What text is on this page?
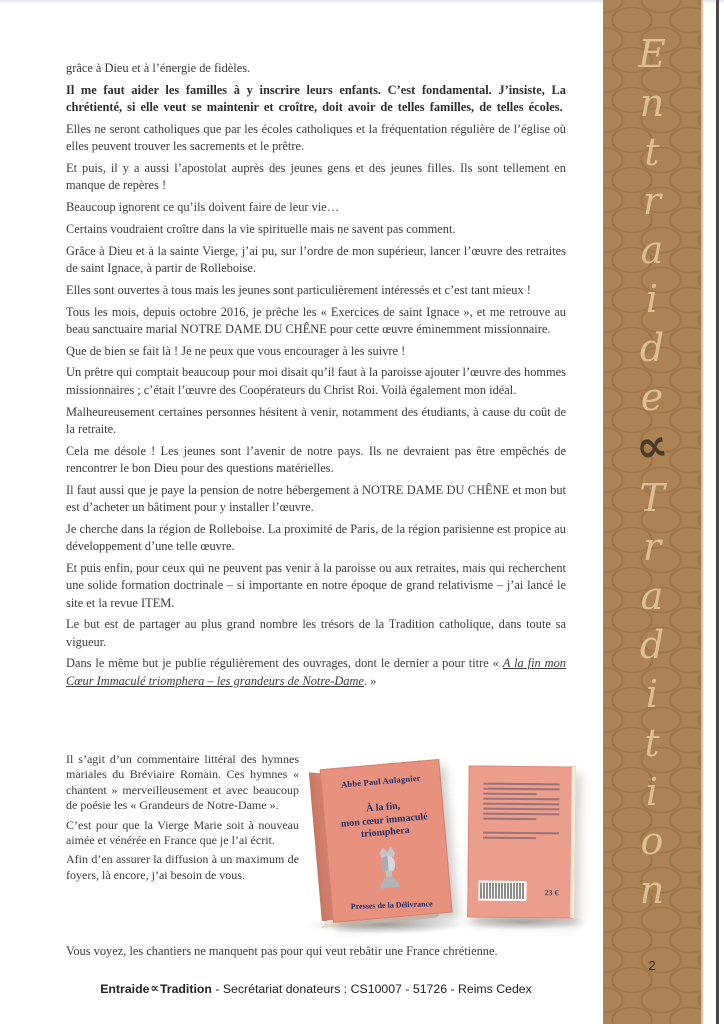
grâce à Dieu et à l’énergie de fidèles.

Il me faut aider les familles à y inscrire leurs enfants. C’est fondamental. J’insiste, La chrétienté, si elle veut se maintenir et croître, doit avoir de telles familles, de telles écoles.

Elles ne seront catholiques que par les écoles catholiques et la fréquentation régulière de l’église où elles peuvent trouver les sacrements et le prêtre.

Et puis, il y a aussi l’apostolat auprès des jeunes gens et des jeunes filles. Ils sont tellement en manque de repères !

Beaucoup ignorent ce qu’ils doivent faire de leur vie…

Certains voudraient croître dans la vie spirituelle mais ne savent pas comment.

Grâce à Dieu et à la sainte Vierge, j’ai pu, sur l’ordre de mon supérieur, lancer l’œuvre des retraites de saint Ignace, à partir de Rolleboise.

Elles sont ouvertes à tous mais les jeunes sont particulièrement intéressés et c’est tant mieux !

Tous les mois, depuis octobre 2016, je prêche les « Exercices de saint Ignace », et me retrouve au beau sanctuaire marial NOTRE DAME DU CHÊNE pour cette œuvre éminemment missionnaire.

Que de bien se fait là ! Je ne peux que vous encourager à les suivre !

Un prêtre qui comptait beaucoup pour moi disait qu’il faut à la paroisse ajouter l’œuvre des hommes missionnaires ; c’était l’œuvre des Coopérateurs du Christ Roi. Voilà également mon idéal.

Malheureusement certaines personnes hésitent à venir, notamment des étudiants, à cause du coût de la retraite.

Cela me désole ! Les jeunes sont l’avenir de notre pays. Ils ne devraient pas être empêchés de rencontrer le bon Dieu pour des questions matérielles.

Il faut aussi que je paye la pension de notre hébergement à NOTRE DAME DU CHÊNE et mon but est d’acheter un bâtiment pour y installer l’œuvre.

Je cherche dans la région de Rolleboise. La proximité de Paris, de la région parisienne est propice au développement d’une telle œuvre.

Et puis enfin, pour ceux qui ne peuvent pas venir à la paroisse ou aux retraites, mais qui recherchent une solide formation doctrinale – si importante en notre époque de grand relativisme – j’ai lancé le site et la revue ITEM.

Le but est de partager au plus grand nombre les trésors de la Tradition catholique, dans toute sa vigueur.

Dans le même but je publie régulièrement des ouvrages, dont le dernier a pour titre « A la fin mon Cœur Immaculé triomphera – les grandeurs de Notre-Dame. »

Il s’agit d’un commentaire littéral des hymnes mariales du Bréviaire Romain. Ces hymnes « chantent » merveilleusement et avec beaucoup de poésie les « Grandeurs de Notre-Dame ».

C’est pour que la Vierge Marie soit à nouveau aimée et vénérée en France que je l’ai écrit.

Afin d’en assurer la diffusion à un maximum de foyers, là encore, j’ai besoin de vous.

Abbé Paul Aulagnier
À la fin,
mon cœur immaculé
triomphera
Presses de la Délivrance
23 €
Vous voyez, les chantiers ne manquent pas pour qui veut rebâtir une France chrétienne.
Entraide∝Tradition - Secrétariat donateurs : CS10007 - 51726 - Reims Cedex
E
n
t
r
a
i
d
e
∝
T
r
a
d
i
t
i
o
n
2
